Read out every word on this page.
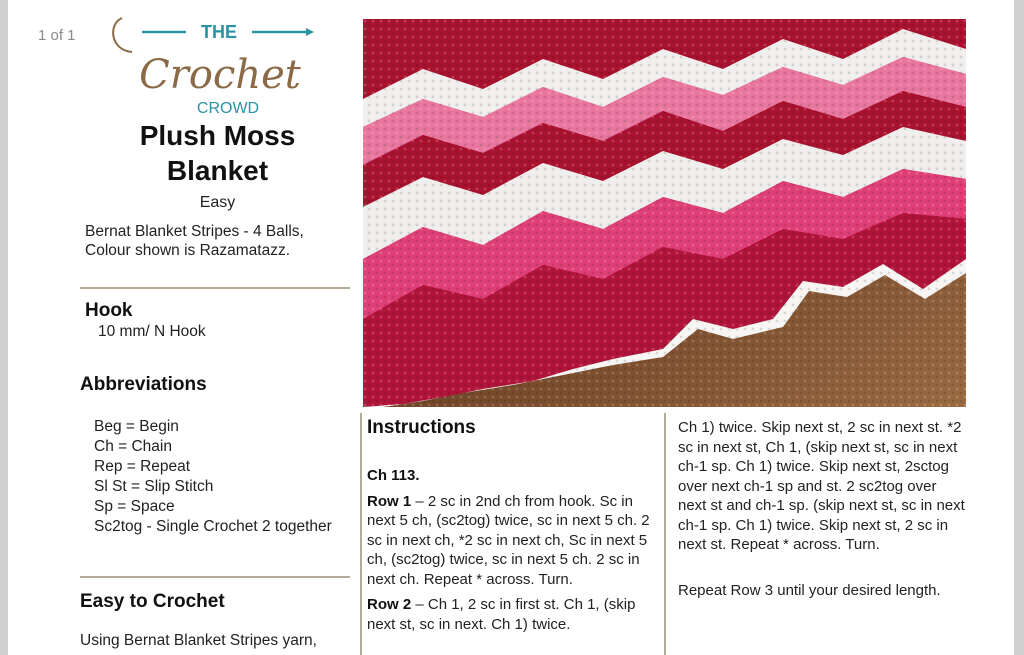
1 of 1	THE
Crochet
CROWD
Plush Moss
Blanket
Easy
Bernat Blanket Stripes - 4 Balls,
Colour shown is Razamatazz.
Hook
10 mm/ N Hook
Abbreviations
Beg = Begin
Ch = Chain
Rep = Repeat
Sl St = Slip Stitch
Sp = Space
Sc2tog - Single Crochet 2 together
Easy to Crochet
Using Bernat Blanket Stripes yarn,
Instructions

Ch 113.

Row 1 – 2 sc in 2nd ch from hook. Sc in next 5 ch, (sc2tog) twice, sc in next 5 ch. 2 sc in next ch, *2 sc in next ch, Sc in next 5 ch, (sc2tog) twice, sc in next 5 ch. 2 sc in next ch. Repeat * across. Turn.

Row 2 – Ch 1, 2 sc in first st. Ch 1, (skip next st, sc in next. Ch 1) twice.

Ch 1) twice. Skip next st, 2 sc in next st. *2 sc in next st, Ch 1, (skip next st, sc in next ch-1 sp. Ch 1) twice. Skip next st, 2sctog over next ch-1 sp and st. 2 sc2tog over next st and ch-1 sp. (skip next st, sc in next ch-1 sp. Ch 1) twice. Skip next st, 2 sc in next st. Repeat * across. Turn.

Repeat Row 3 until your desired length.
